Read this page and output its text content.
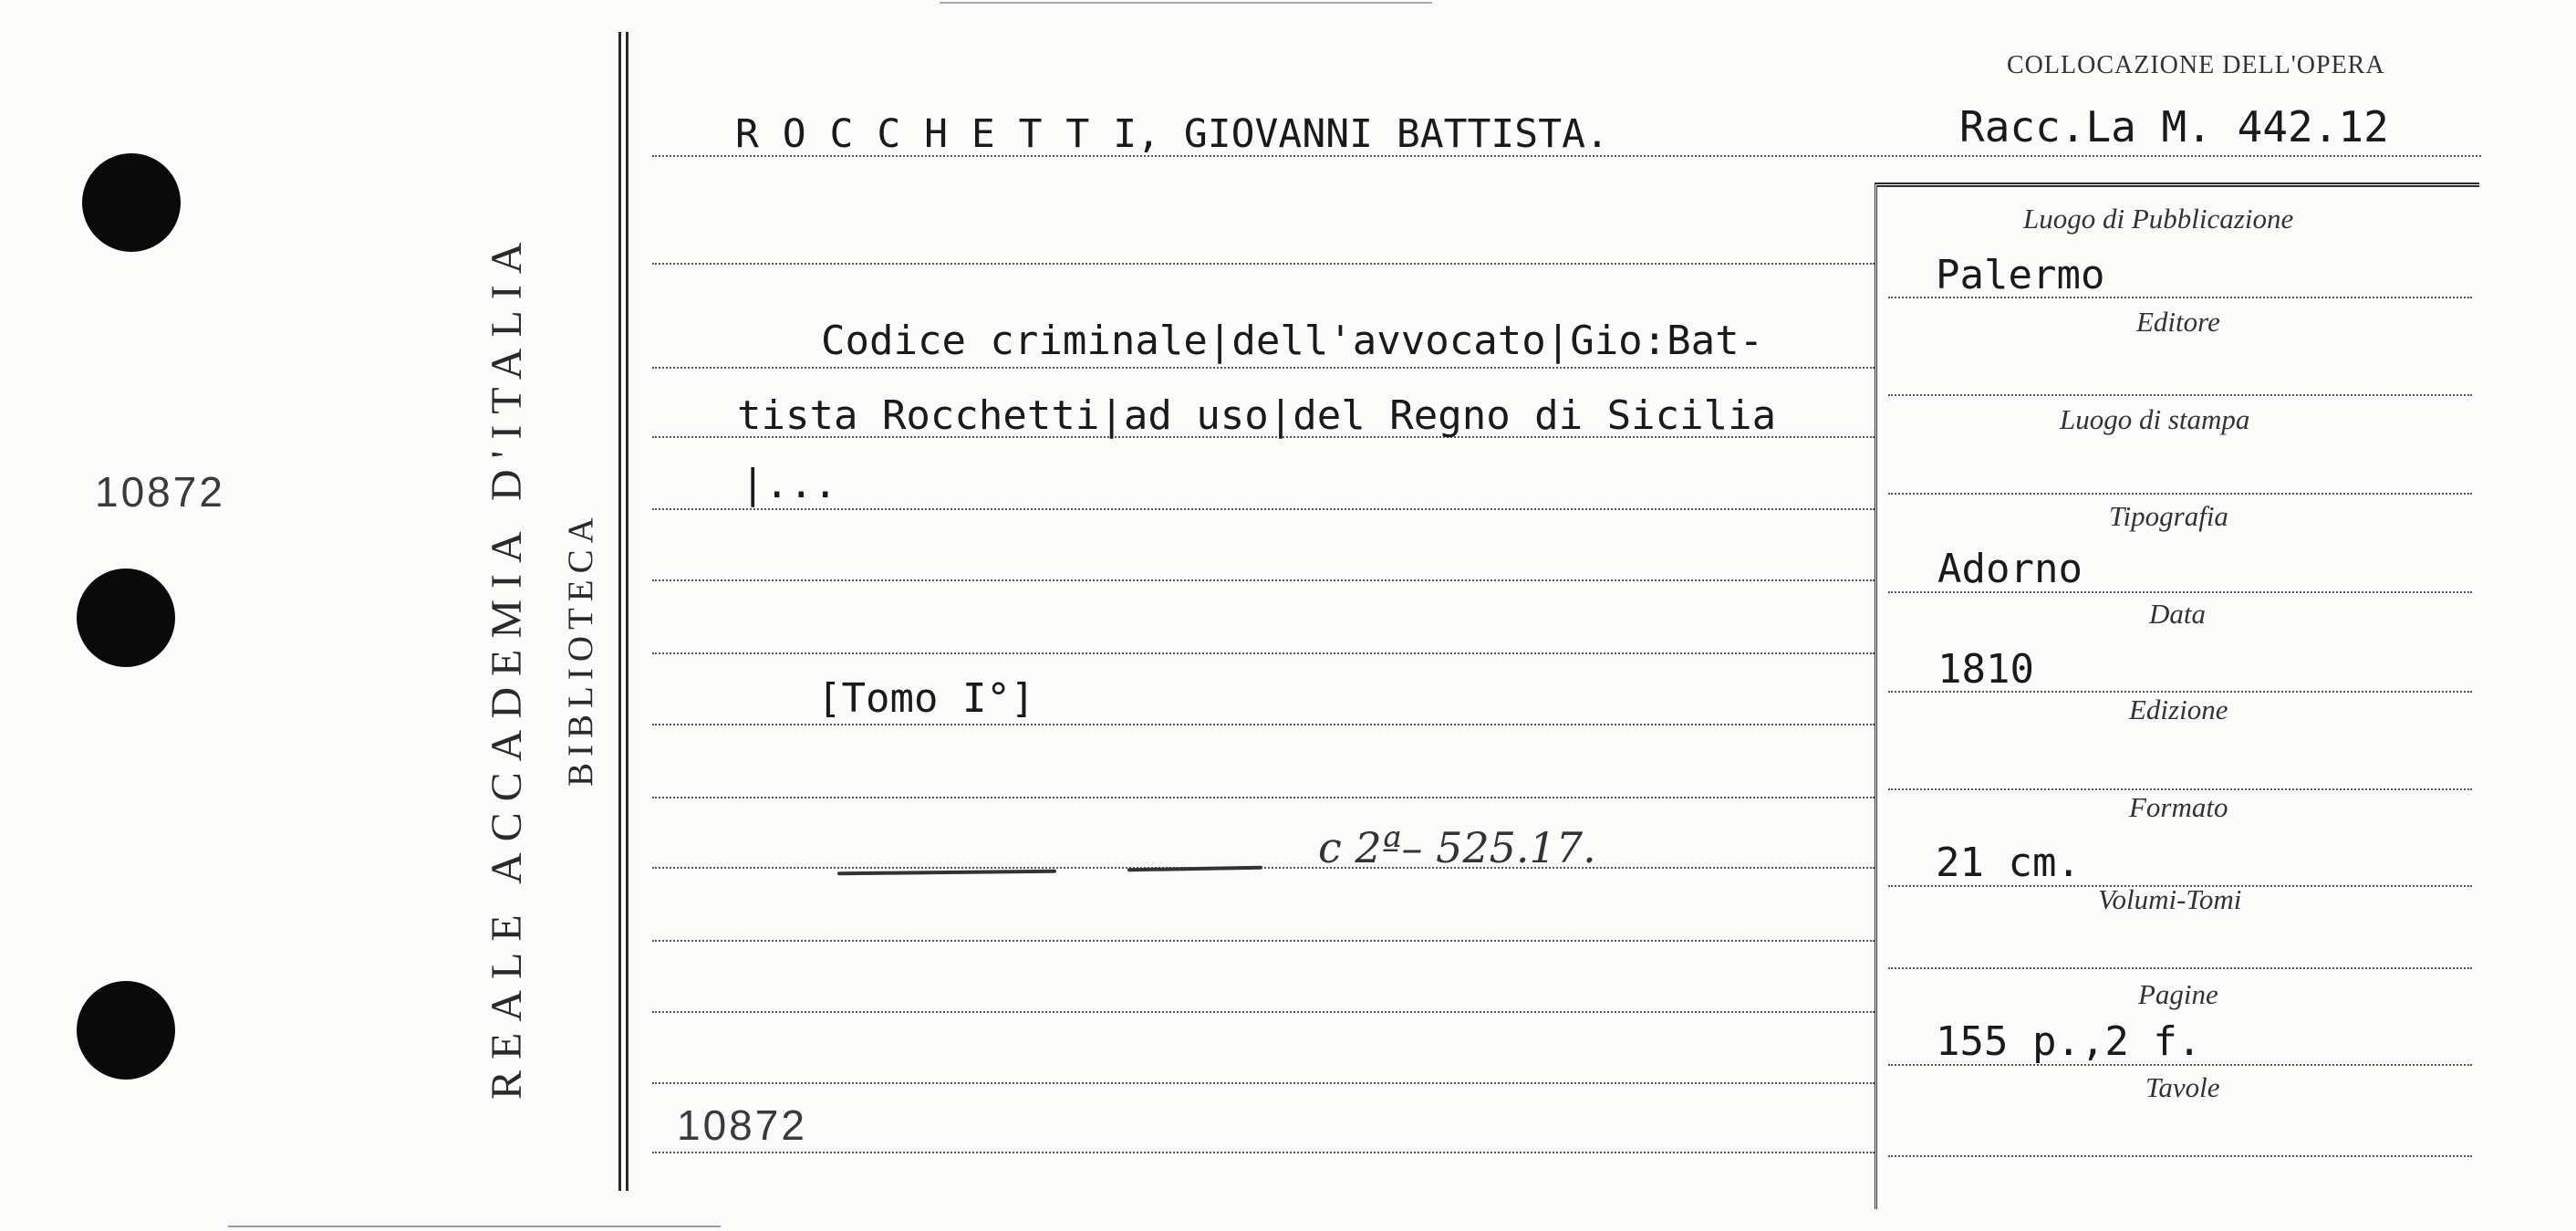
10872	REALE ACCADEMIA D'ITALIA BIBLIOTECA
COLLOCAZIONE DELL'OPERA
Racc.La M. 442.12
R O C C H E T T I, GIOVANNI BATTISTA.
Codice criminale|dell'avvocato|Gio:Bat-
tista Rocchetti|ad uso|del Regno di Sicilia
|...
[Tomo I°]
c 2ª– 525.17.
10872
Luogo di Pubblicazione
Palermo
Editore
Luogo di stampa
Tipografia
Adorno
Data
1810
Edizione
Formato
21 cm.
Volumi-Tomi
Pagine
155 p.,2 f.
Tavole
